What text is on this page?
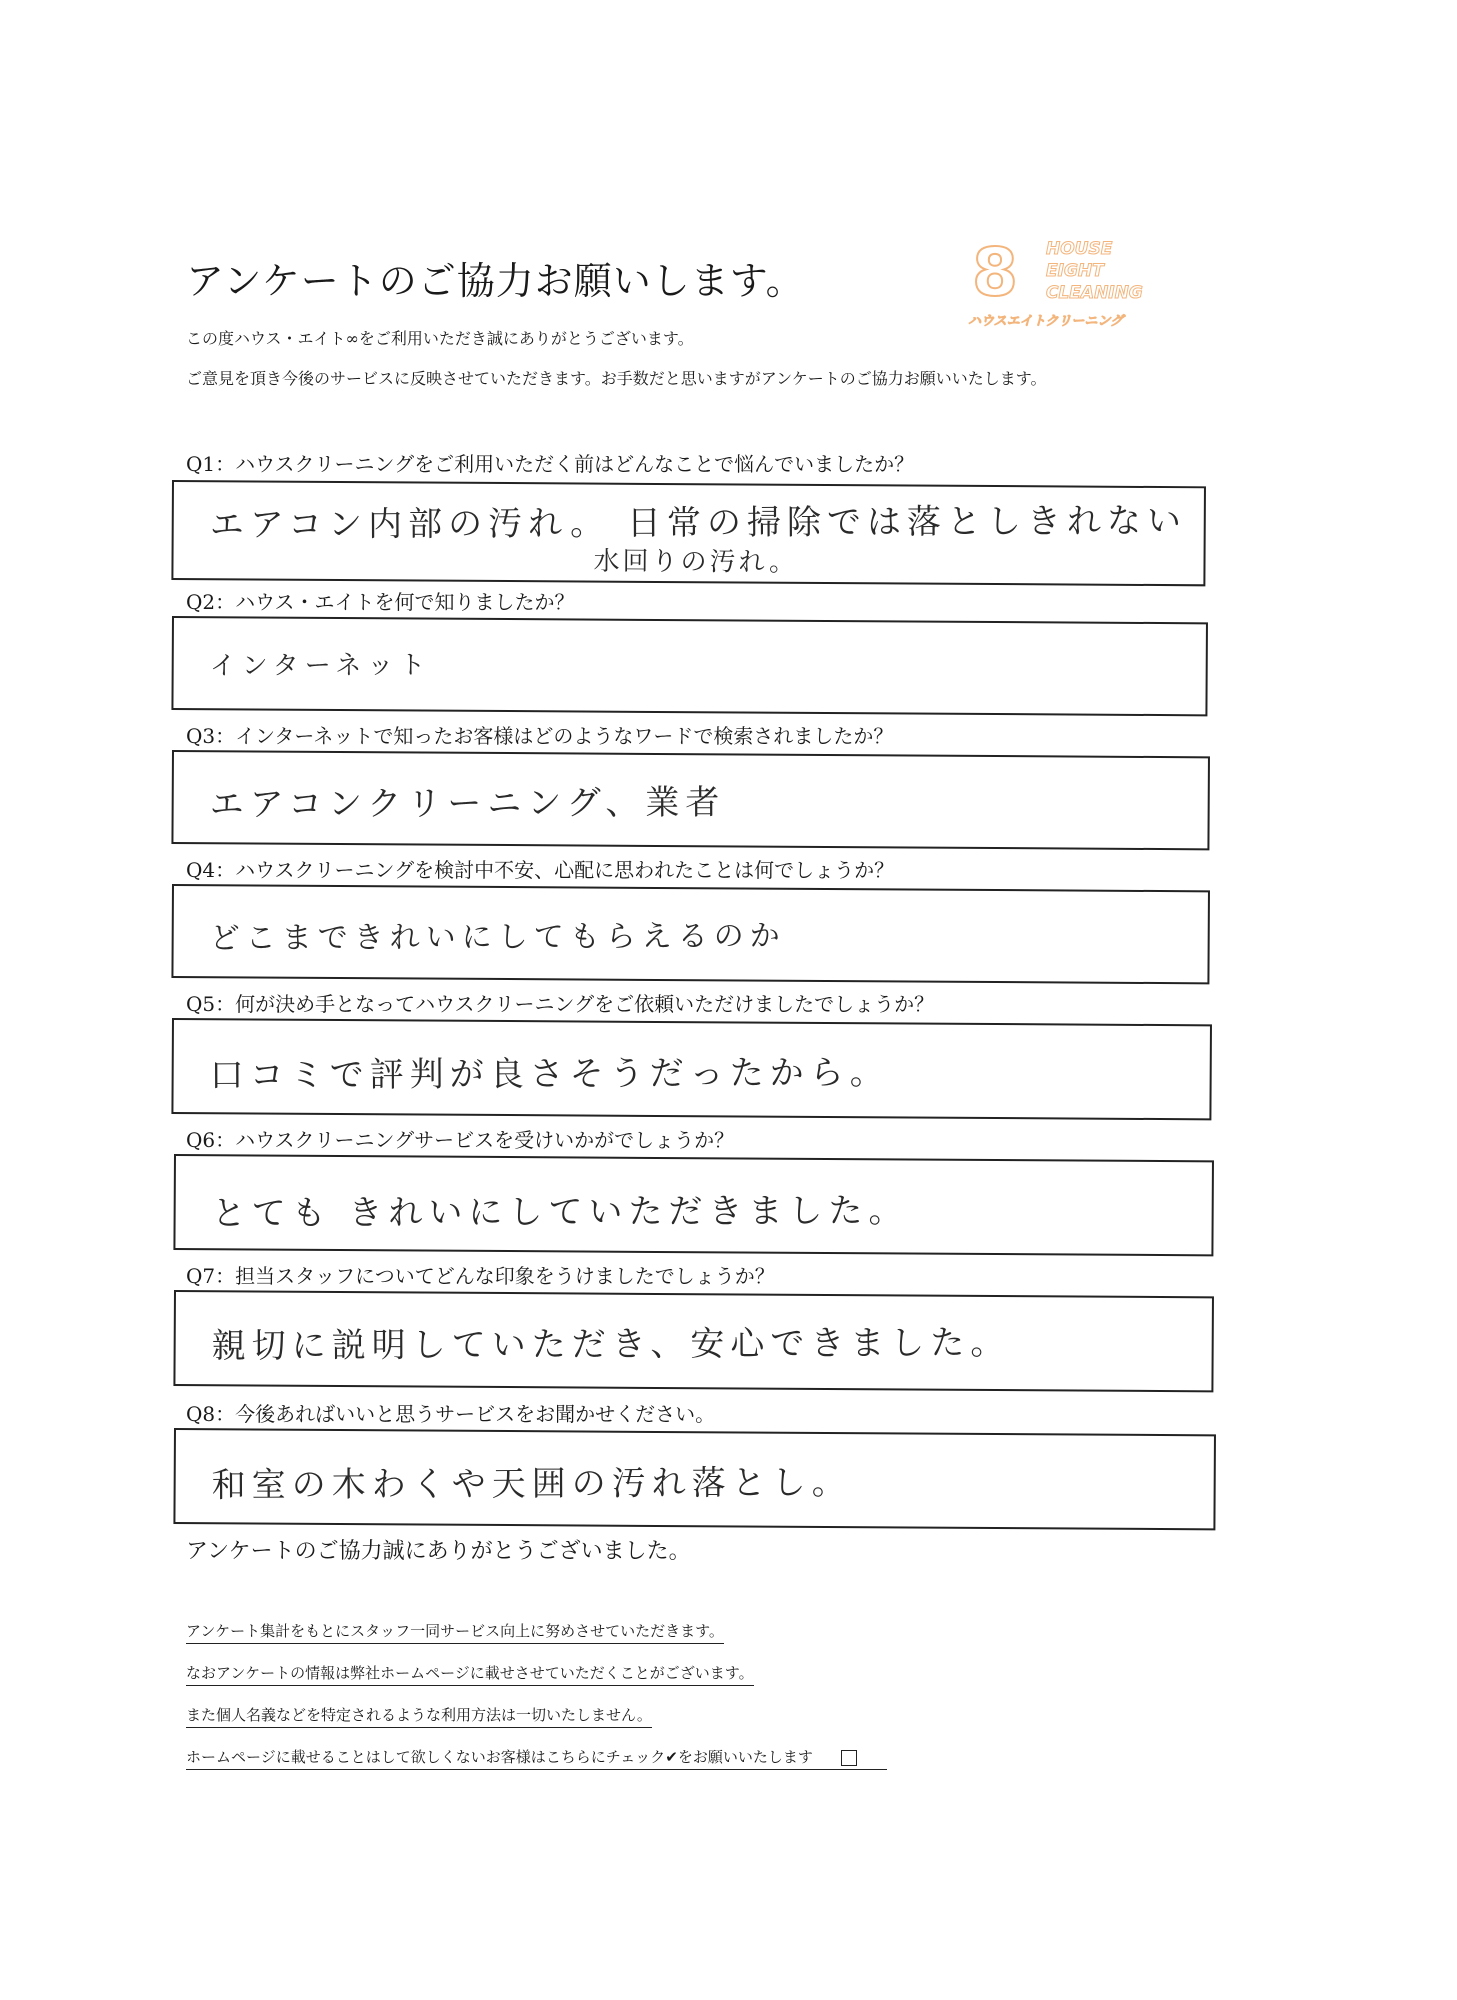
アンケートのご協力お願いします。	8 HOUSE
EIGHT
CLEANING
ハウスエイトクリーニング
この度ハウス・エイト∞をご利用いただき誠にありがとうございます。
ご意見を頂き今後のサービスに反映させていただきます。お手数だと思いますがアンケートのご協力お願いいたします。
Q1：ハウスクリーニングをご利用いただく前はどんなことで悩んでいましたか？
エアコン内部の汚れ。 日常の掃除では落としきれない
水回りの汚れ。
Q2：ハウス・エイトを何で知りましたか？
インターネット
Q3：インターネットで知ったお客様はどのようなワードで検索されましたか？
エアコンクリーニング、業者
Q4：ハウスクリーニングを検討中不安、心配に思われたことは何でしょうか？
どこまできれいにしてもらえるのか
Q5：何が決め手となってハウスクリーニングをご依頼いただけましたでしょうか？
口コミで評判が良さそうだったから。
Q6：ハウスクリーニングサービスを受けいかがでしょうか？
とても きれいにしていただきました。
Q7：担当スタッフについてどんな印象をうけましたでしょうか？
親切に説明していただき、安心できました。
Q8：今後あればいいと思うサービスをお聞かせください。
和室の木わくや天囲の汚れ落とし。
アンケートのご協力誠にありがとうございました。
アンケート集計をもとにスタッフ一同サービス向上に努めさせていただきます。
なおアンケートの情報は弊社ホームページに載せさせていただくことがございます。
また個人名義などを特定されるような利用方法は一切いたしません。
ホームページに載せることはして欲しくないお客様はこちらにチェック✔をお願いいたします
